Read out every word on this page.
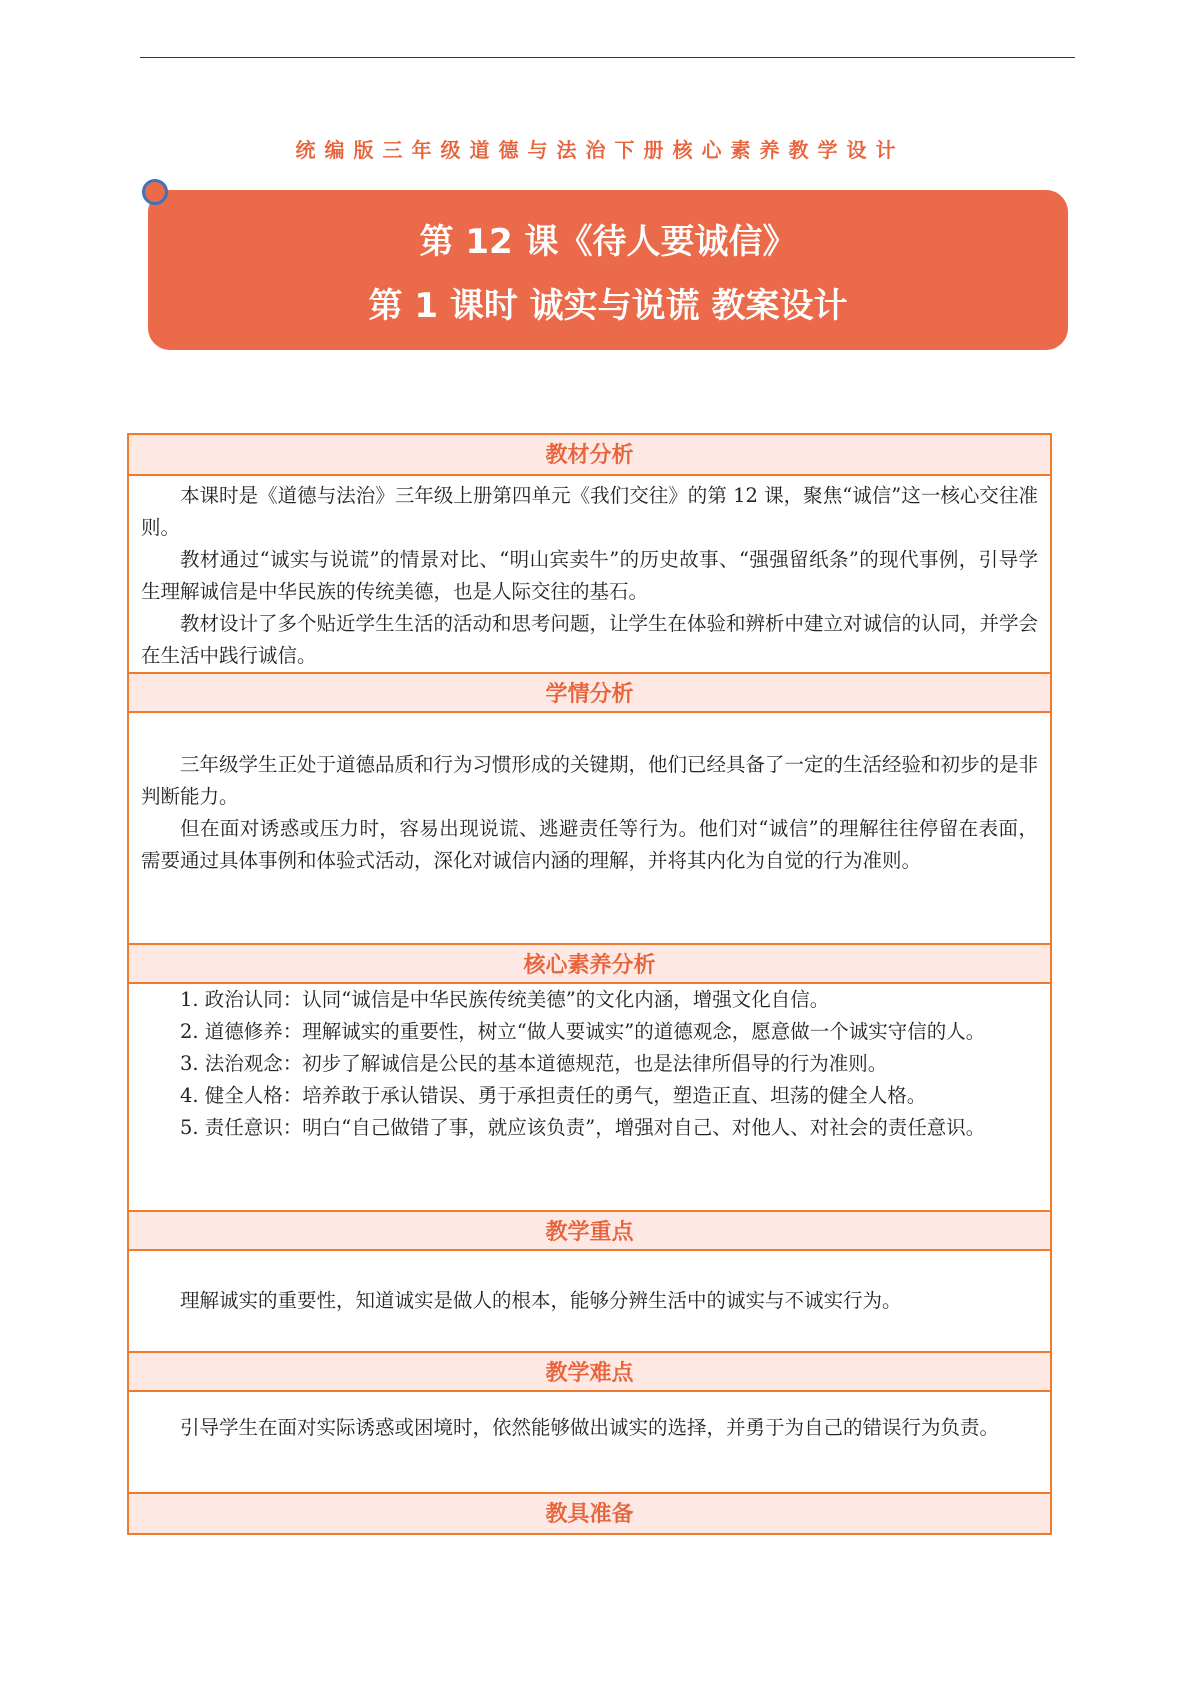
统编版三年级道德与法治下册核心素养教学设计
第 12 课《待人要诚信》
第 1 课时 诚实与说谎 教案设计
教材分析

本课时是《道德与法治》三年级上册第四单元《我们交往》的第 12 课，聚焦“诚信”这一核心交往准则。

教材通过“诚实与说谎”的情景对比、“明山宾卖牛”的历史故事、“强强留纸条”的现代事例，引导学生理解诚信是中华民族的传统美德，也是人际交往的基石。

教材设计了多个贴近学生生活的活动和思考问题，让学生在体验和辨析中建立对诚信的认同，并学会在生活中践行诚信。

学情分析

三年级学生正处于道德品质和行为习惯形成的关键期，他们已经具备了一定的生活经验和初步的是非判断能力。

但在面对诱惑或压力时，容易出现说谎、逃避责任等行为。他们对“诚信”的理解往往停留在表面，需要通过具体事例和体验式活动，深化对诚信内涵的理解，并将其内化为自觉的行为准则。

核心素养分析

1. 政治认同：认同“诚信是中华民族传统美德”的文化内涵，增强文化自信。

2. 道德修养：理解诚实的重要性，树立“做人要诚实”的道德观念，愿意做一个诚实守信的人。

3. 法治观念：初步了解诚信是公民的基本道德规范，也是法律所倡导的行为准则。

4. 健全人格：培养敢于承认错误、勇于承担责任的勇气，塑造正直、坦荡的健全人格。

5. 责任意识：明白“自己做错了事，就应该负责”，增强对自己、对他人、对社会的责任意识。

教学重点

理解诚实的重要性，知道诚实是做人的根本，能够分辨生活中的诚实与不诚实行为。

教学难点

引导学生在面对实际诱惑或困境时，依然能够做出诚实的选择，并勇于为自己的错误行为负责。

教具准备
